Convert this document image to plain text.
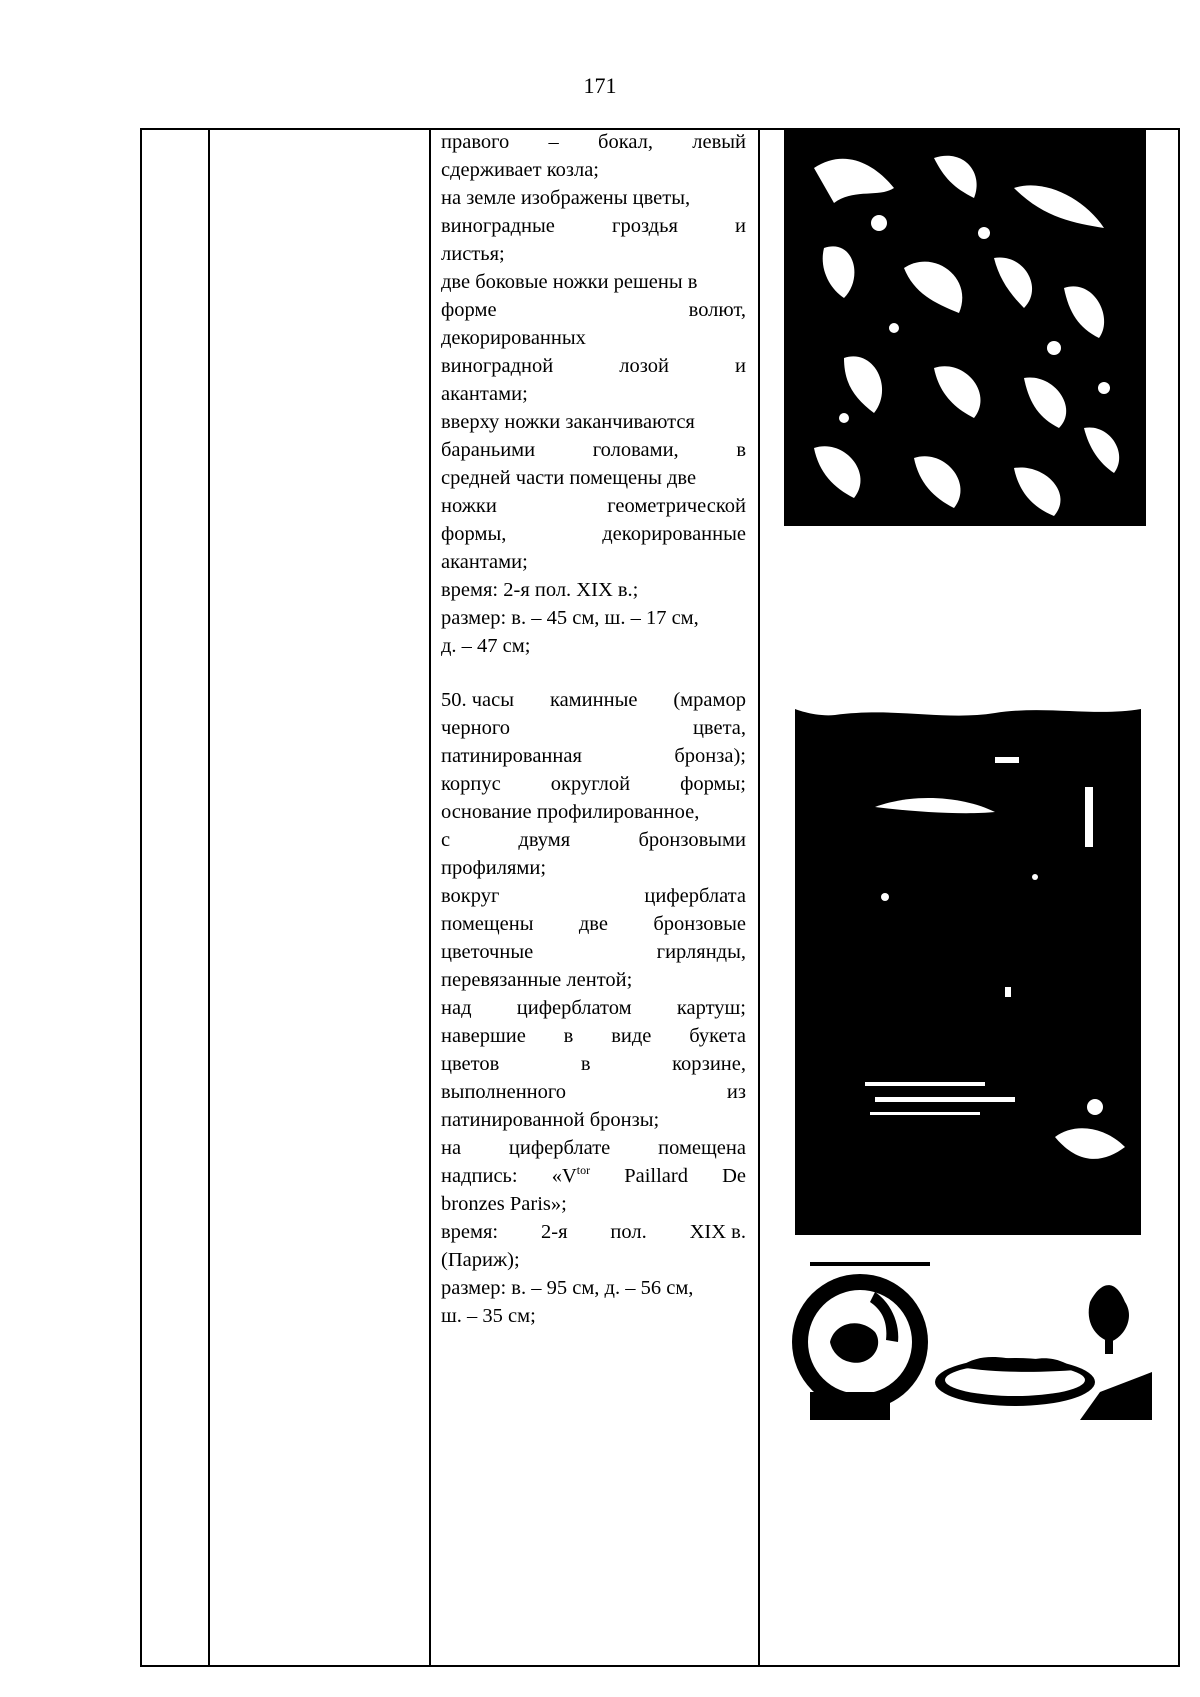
171
правого – бокал, левый
сдерживает козла;
на земле изображены цветы,
виноградные	гроздья	и
листья;
две боковые ножки решены в
форме	волют,
декорированных
виноградной	лозой	и
акантами;
вверху ножки заканчиваются
бараньими	головами,	в
средней части помещены две
ножки	геометрической
формы,	декорированные
акантами;
время: 2-я пол. XIX в.;
размер: в. – 45 см, ш. – 17 см,
д. – 47 см;
50. часы каминные (мрамор
черного	цвета,
патинированная	бронза);
корпус округлой формы;
основание профилированное,
с	двумя	бронзовыми
профилями;
вокруг	циферблата
помещены две бронзовые
цветочные	гирлянды,
перевязанные лентой;
над циферблатом картуш;
навершие в виде букета
цветов	в	корзине,
выполненного	из
патинированной бронзы;
на циферблате помещена
надпись: «$V^{tor}$ Paillard De
bronzes Paris»;
время: 2-я пол. XIX в.
(Париж);
размер: в. – 95 см, д. – 56 см,
ш. – 35 см;
